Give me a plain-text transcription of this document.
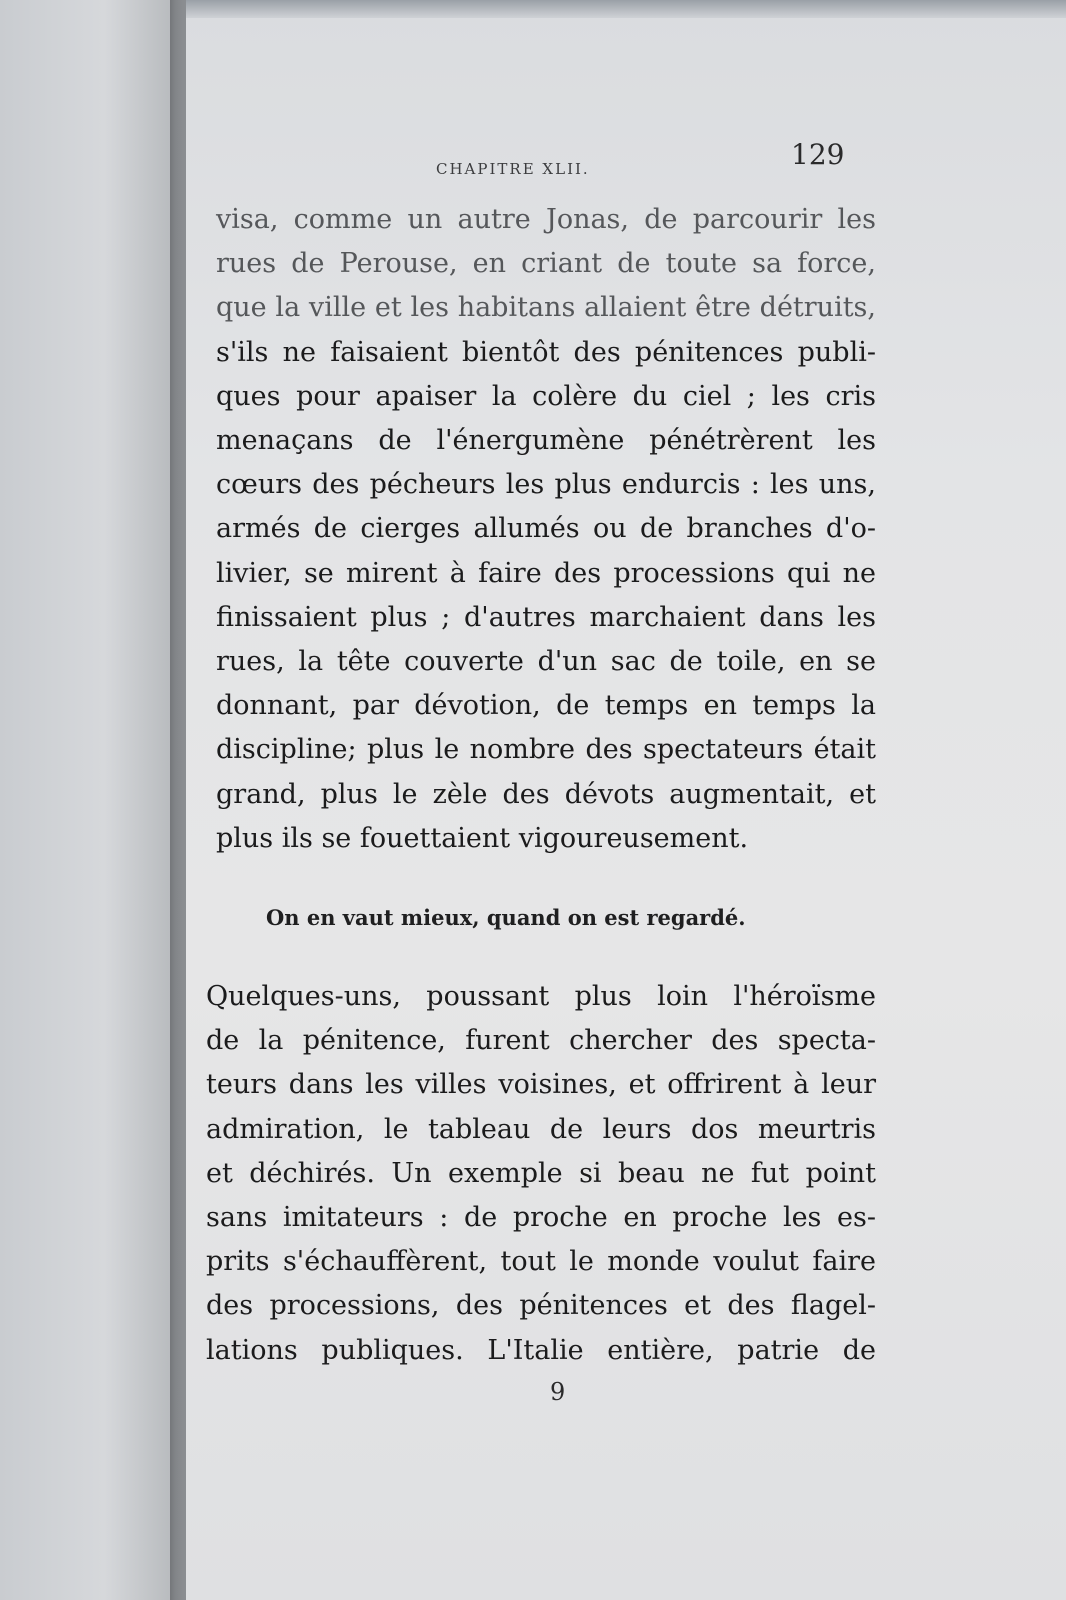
CHAPITRE XLII.	129

visa, comme un autre Jonas, de parcourir les
rues de Perouse, en criant de toute sa force,
que la ville et les habitans allaient être détruits,
s'ils ne faisaient bientôt des pénitences publi-
ques pour apaiser la colère du ciel ; les cris
menaçans de l'énergumène pénétrèrent les
cœurs des pécheurs les plus endurcis : les uns,
armés de cierges allumés ou de branches d'o-
livier, se mirent à faire des processions qui ne
finissaient plus ; d'autres marchaient dans les
rues, la tête couverte d'un sac de toile, en se
donnant, par dévotion, de temps en temps la
discipline; plus le nombre des spectateurs était
grand, plus le zèle des dévots augmentait, et
plus ils se fouettaient vigoureusement.

On en vaut mieux, quand on est regardé.

Quelques-uns, poussant plus loin l'héroïsme
de la pénitence, furent chercher des specta-
teurs dans les villes voisines, et offrirent à leur
admiration, le tableau de leurs dos meurtris
et déchirés. Un exemple si beau ne fut point
sans imitateurs : de proche en proche les es-
prits s'échauffèrent, tout le monde voulut faire
des processions, des pénitences et des flagel-
lations publiques. L'Italie entière, patrie de

9
